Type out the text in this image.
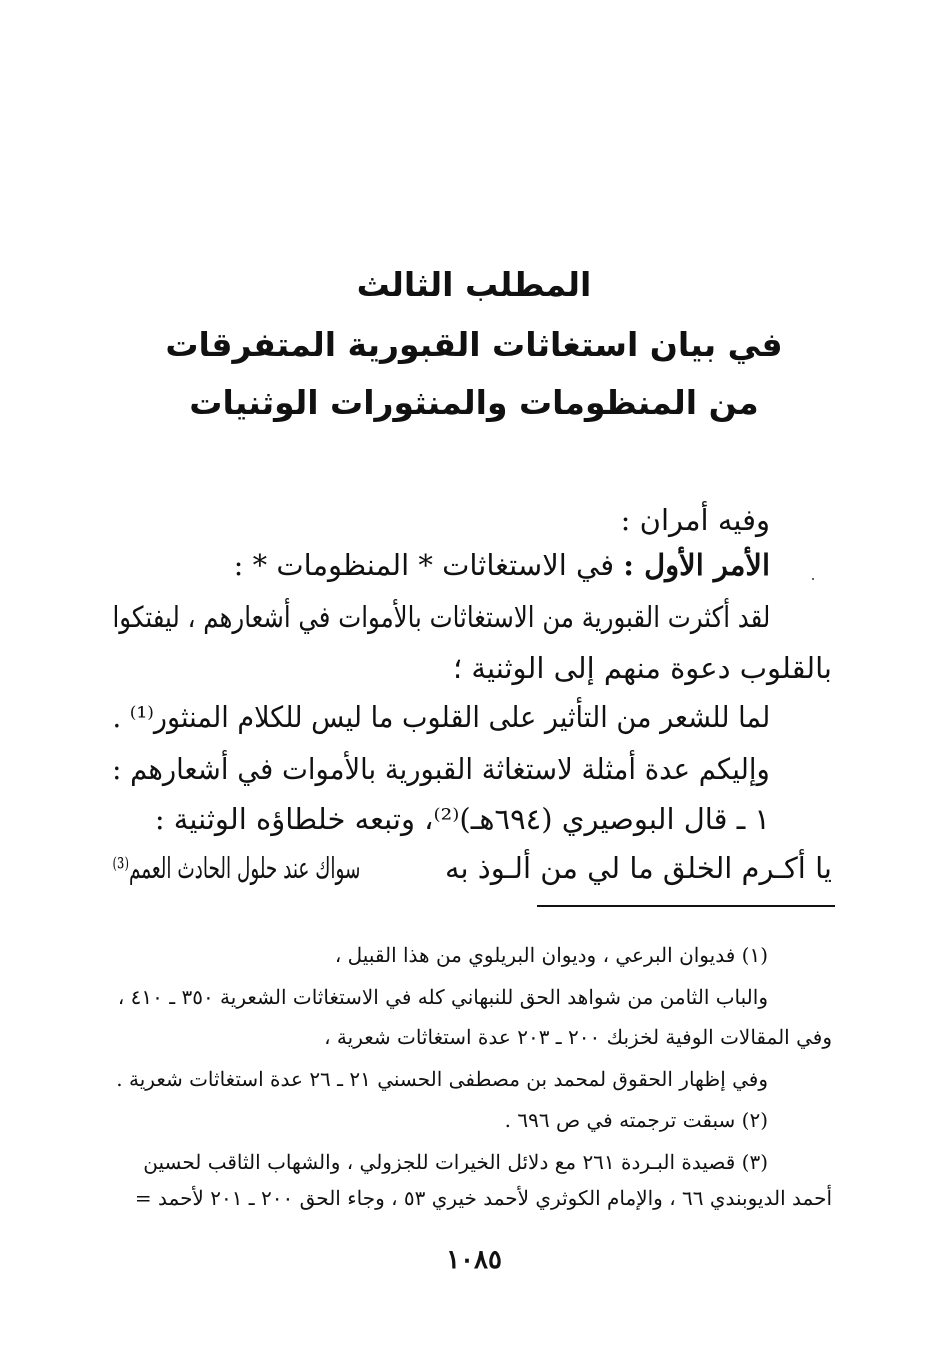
المطلب الثالث
في بيان استغاثات القبورية المتفرقات
من المنظومات والمنثورات الوثنيات
وفيه أمران :
الأمر الأول : في الاستغاثات * المنظومات * :
لقد أكثرت القبورية من الاستغاثات بالأموات في أشعارهم ، ليفتكوا
بالقلوب دعوة منهم إلى الوثنية ؛
لما للشعر من التأثير على القلوب ما ليس للكلام المنثور⁽¹⁾ .
وإليكم عدة أمثلة لاستغاثة القبورية بالأموات في أشعارهم :
١ ـ قال البوصيري (٦٩٤هـ)⁽²⁾، وتبعه خلطاؤه الوثنية :
يا أكـرم الخلق ما لي من ألـوذ به
سواك عند حلول الحادث العمم⁽³⁾
(١) فديوان البرعي ، وديوان البريلوي من هذا القبيل ،
والباب الثامن من شواهد الحق للنبهاني كله في الاستغاثات الشعرية ٣٥٠ ـ ٤١٠ ،
وفي المقالات الوفية لخزبك ٢٠٠ ـ ٢٠٣ عدة استغاثات شعرية ،
وفي إظهار الحقوق لمحمد بن مصطفى الحسني ٢١ ـ ٢٦ عدة استغاثات شعرية .
(٢) سبقت ترجمته في ص ٦٩٦ .
(٣) قصيدة البـردة ٢٦١ مع دلائل الخيرات للجزولي ، والشهاب الثاقب لحسين
أحمد الديوبندي ٦٦ ، والإمام الكوثري لأحمد خيري ٥٣ ، وجاء الحق ٢٠٠ ـ ٢٠١ لأحمد =
١٠٨٥
